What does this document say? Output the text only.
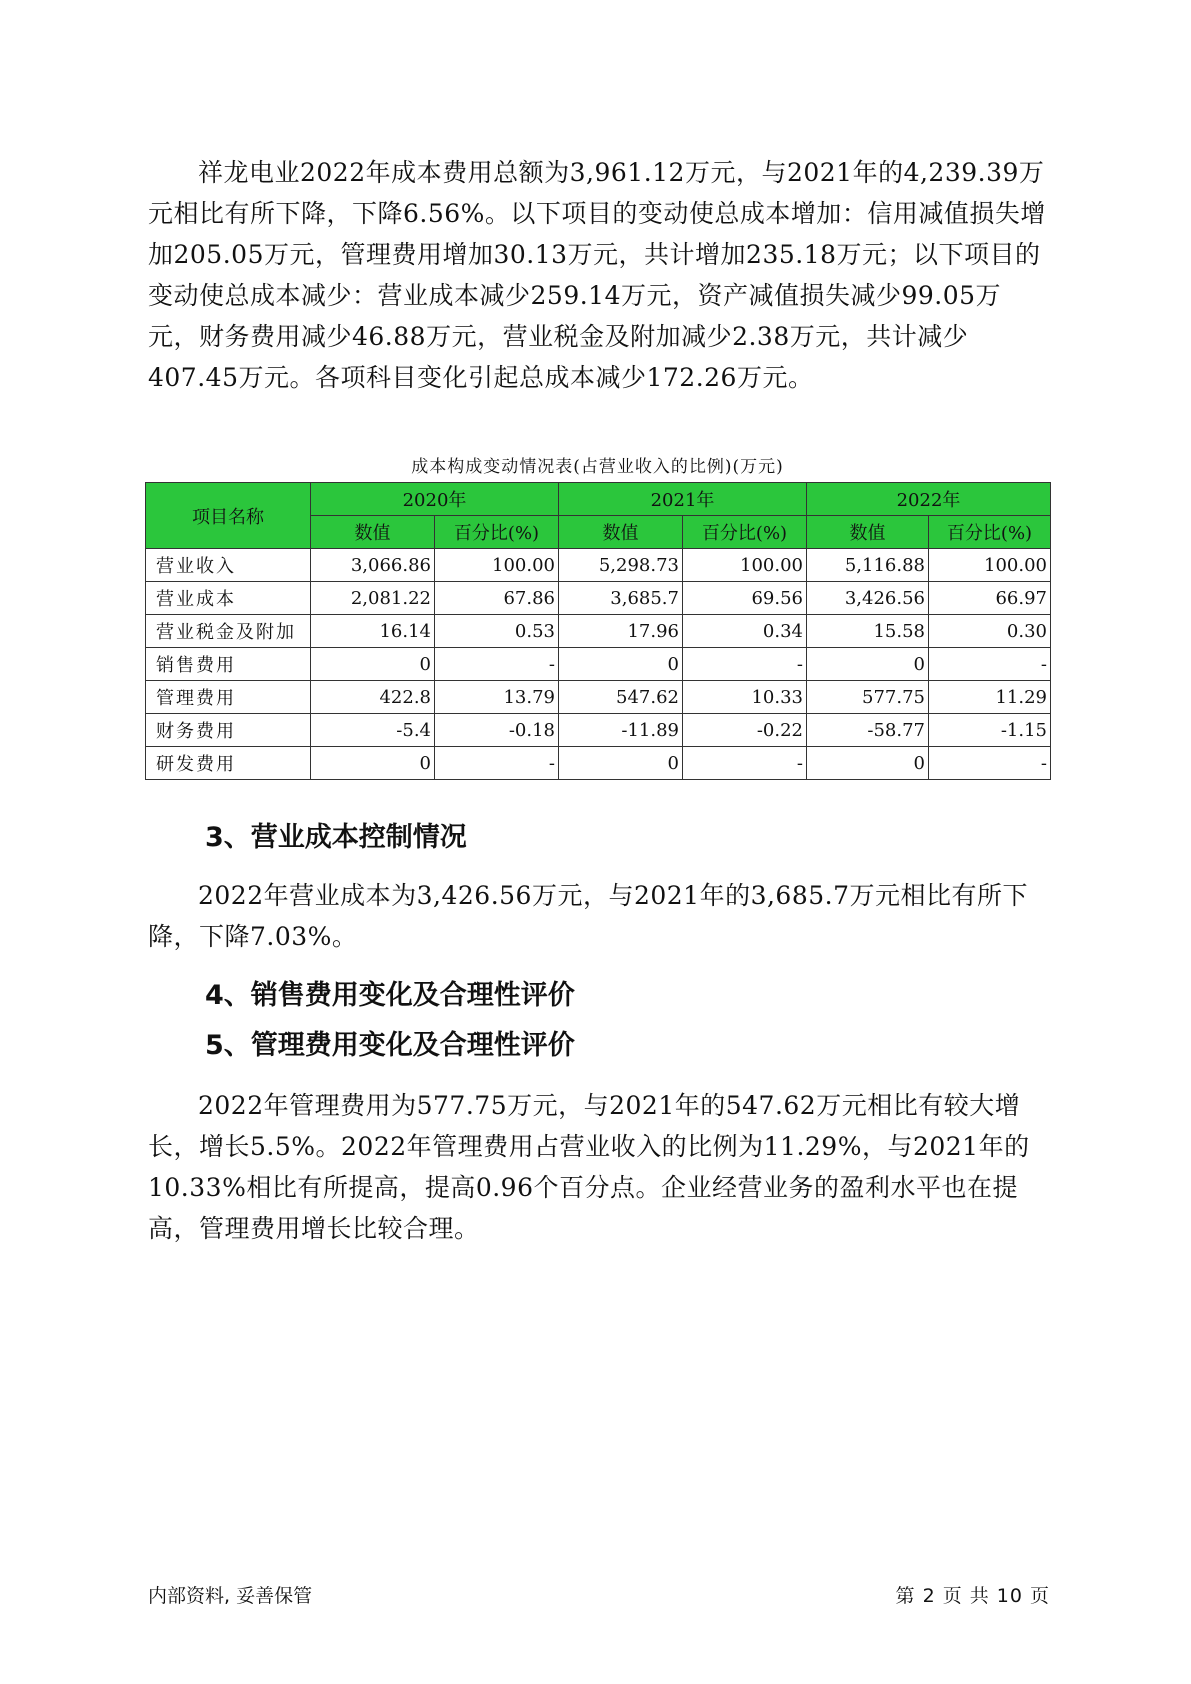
祥龙电业2022年成本费用总额为3,961.12万元，与2021年的4,239.39万元相比有所下降，下降6.56%。以下项目的变动使总成本增加：信用减值损失增加205.05万元，管理费用增加30.13万元，共计增加235.18万元；以下项目的变动使总成本减少：营业成本减少259.14万元，资产减值损失减少99.05万元，财务费用减少46.88万元，营业税金及附加减少2.38万元，共计减少407.45万元。各项科目变化引起总成本减少172.26万元。

成本构成变动情况表(占营业收入的比例)(万元)
项目名称	2020年		2021年		2022年	
	数值	百分比(%)	数值	百分比(%)	数值	百分比(%)
营业收入	3,066.86	100.00	5,298.73	100.00	5,116.88	100.00
营业成本	2,081.22	67.86	3,685.7	69.56	3,426.56	66.97
营业税金及附加	16.14	0.53	17.96	0.34	15.58	0.30
销售费用	0	-	0	-	0	-
管理费用	422.8	13.79	547.62	10.33	577.75	11.29
财务费用	-5.4	-0.18	-11.89	-0.22	-58.77	-1.15
研发费用	0	-	0	-	0	-
3、营业成本控制情况

2022年营业成本为3,426.56万元，与2021年的3,685.7万元相比有所下降，下降7.03%。

4、销售费用变化及合理性评价
5、管理费用变化及合理性评价

2022年管理费用为577.75万元，与2021年的547.62万元相比有较大增长，增长5.5%。2022年管理费用占营业收入的比例为11.29%，与2021年的10.33%相比有所提高，提高0.96个百分点。企业经营业务的盈利水平也在提高，管理费用增长比较合理。

内部资料, 妥善保管	第 2 页 共 10 页
